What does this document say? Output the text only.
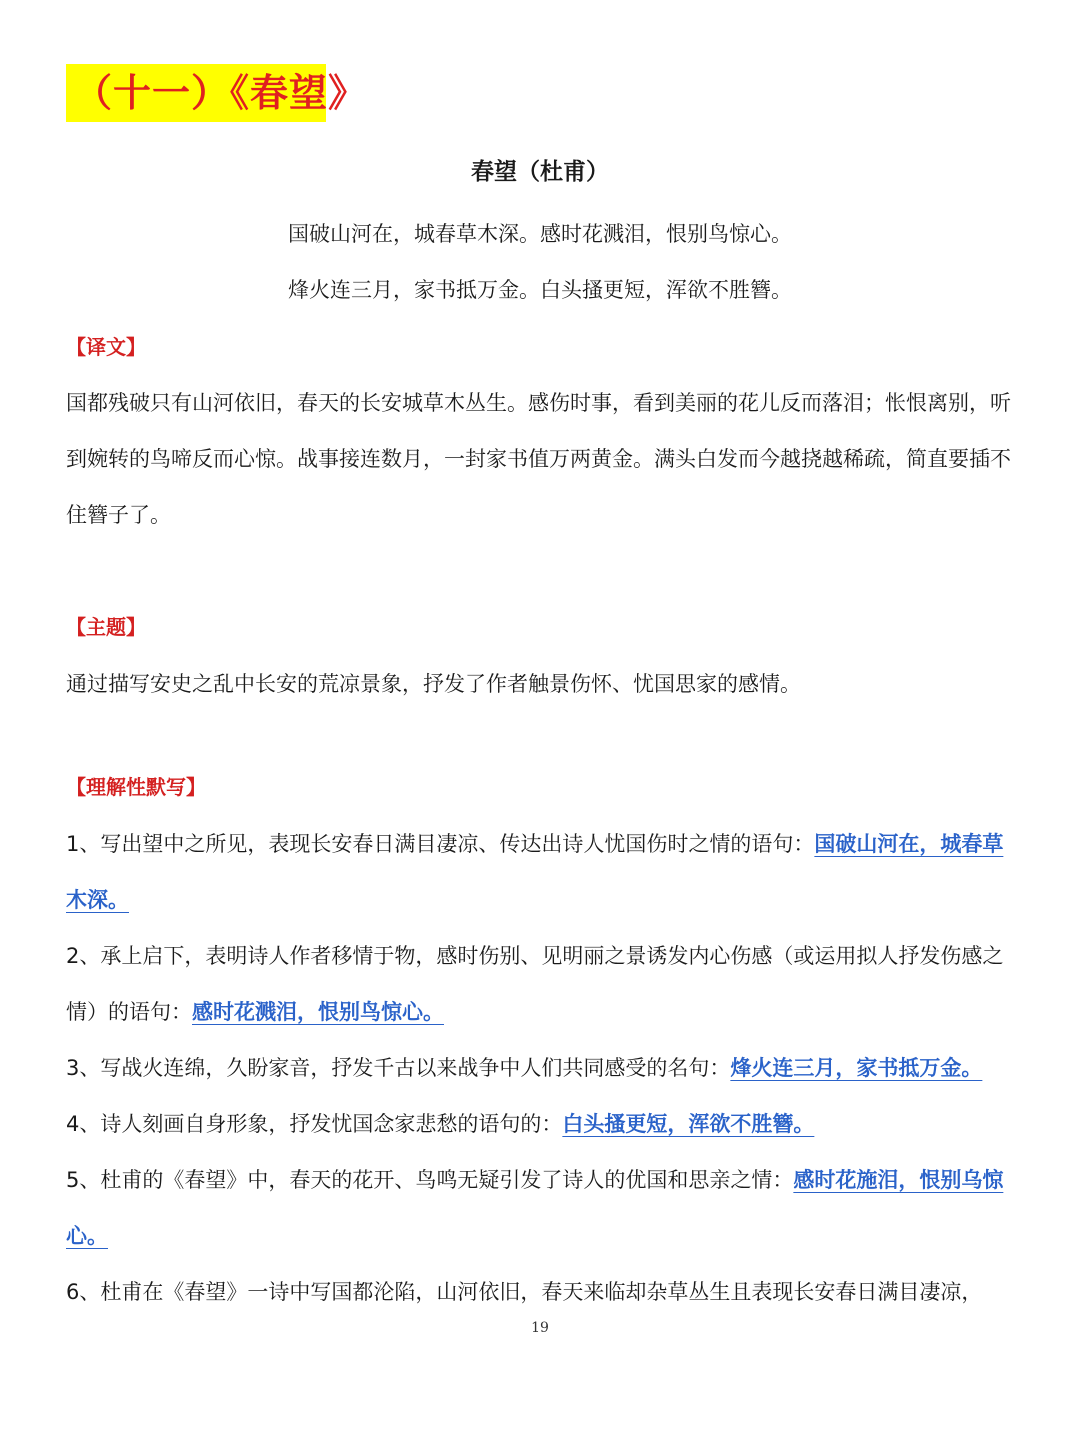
（十一）《春望》
春望（杜甫）
国破山河在，城春草木深。感时花溅泪，恨别鸟惊心。
烽火连三月，家书抵万金。白头搔更短，浑欲不胜簪。
【译文】
国都残破只有山河依旧，春天的长安城草木丛生。感伤时事，看到美丽的花儿反而落泪；怅恨离别，听到婉转的鸟啼反而心惊。战事接连数月，一封家书值万两黄金。满头白发而今越挠越稀疏，简直要插不住簪子了。
【主题】
通过描写安史之乱中长安的荒凉景象，抒发了作者触景伤怀、忧国思家的感情。
【理解性默写】
1、写出望中之所见，表现长安春日满目凄凉、传达出诗人忧国伤时之情的语句：国破山河在，城春草木深。
2、承上启下，表明诗人作者移情于物，感时伤别、见明丽之景诱发内心伤感（或运用拟人抒发伤感之情）的语句：感时花溅泪，恨别鸟惊心。
3、写战火连绵，久盼家音，抒发千古以来战争中人们共同感受的名句：烽火连三月，家书抵万金。
4、诗人刻画自身形象，抒发忧国念家悲愁的语句的：白头搔更短，浑欲不胜簪。
5、杜甫的《春望》中，春天的花开、鸟鸣无疑引发了诗人的优国和思亲之情：感时花施泪，恨别乌惊心。
6、杜甫在《春望》一诗中写国都沦陷，山河依旧，春天来临却杂草丛生且表现长安春日满目凄凉，
19
